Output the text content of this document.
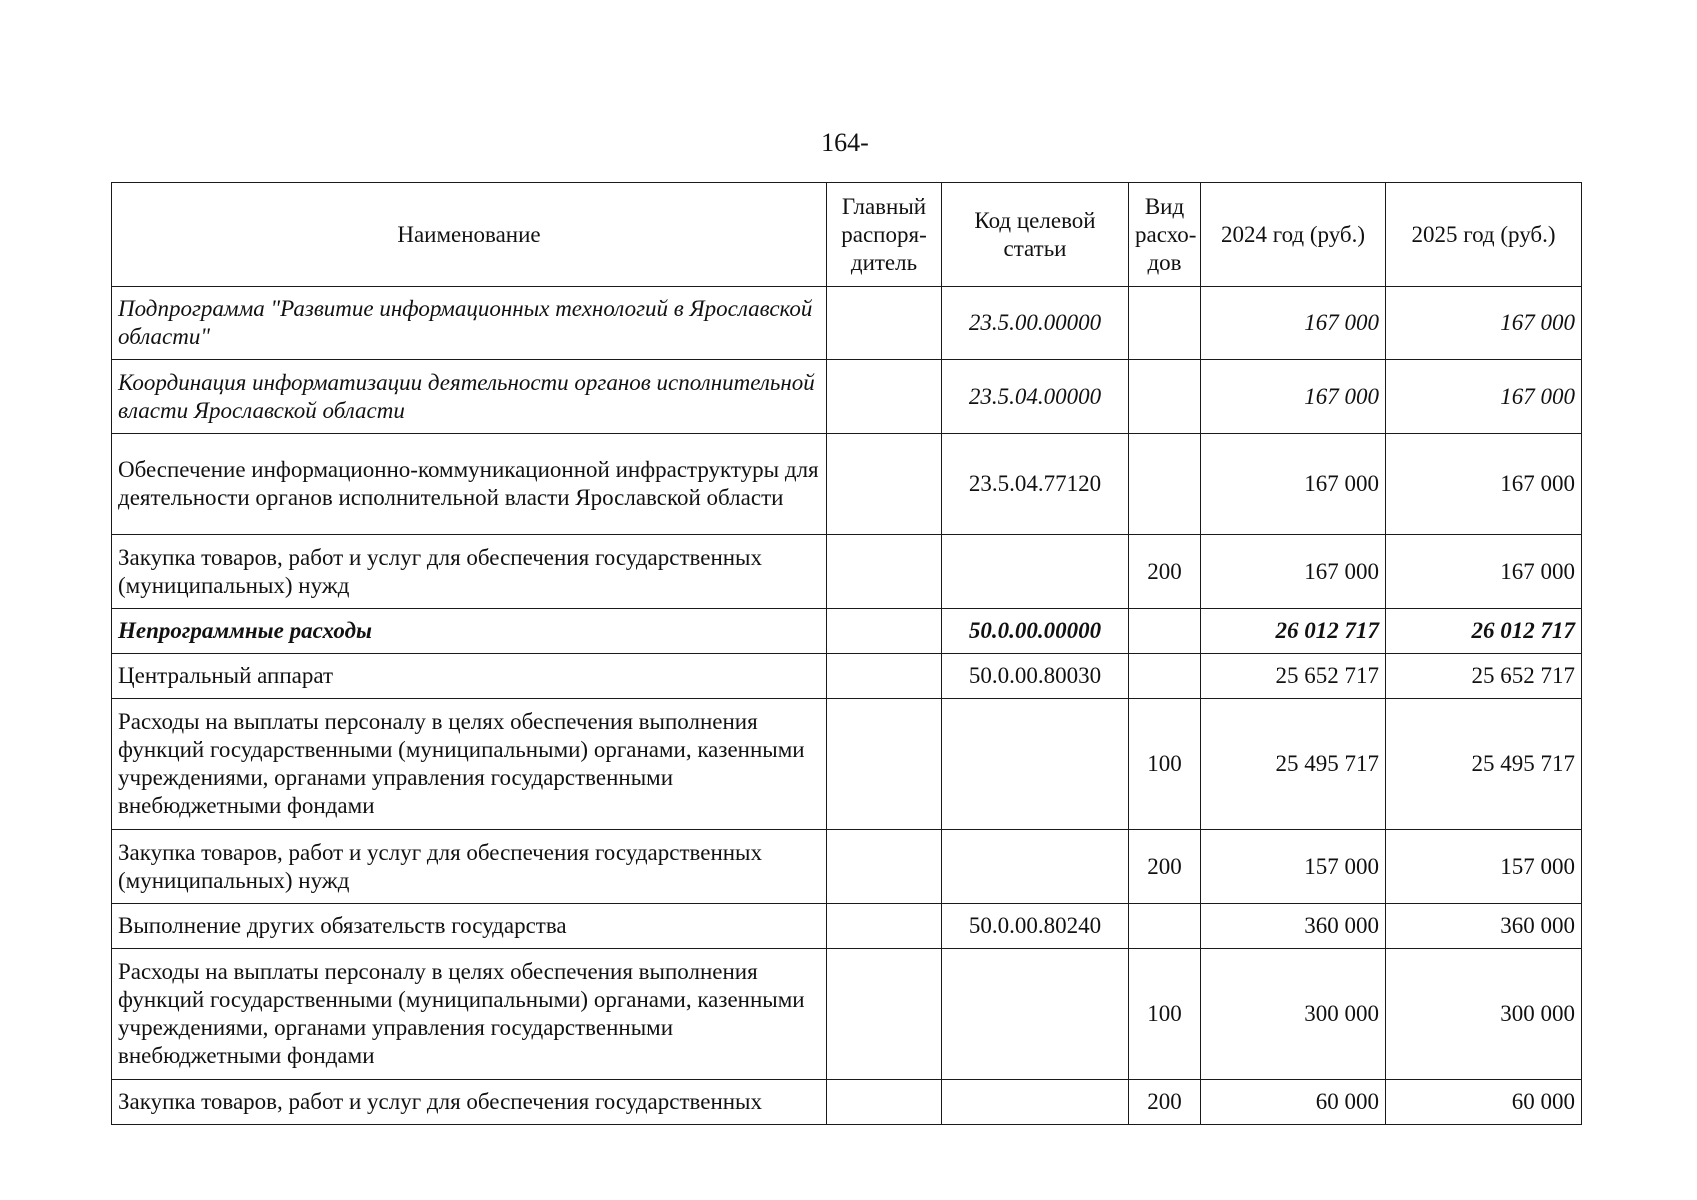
164-
Наименование	Главный распоря-дитель	Код целевой статьи	Вид расхо-дов	2024 год (руб.)	2025 год (руб.)
Подпрограмма "Развитие информационных технологий в Ярославской области"		23.5.00.00000		167 000	167 000
Координация информатизации деятельности органов исполнительной власти Ярославской области		23.5.04.00000		167 000	167 000
Обеспечение информационно-коммуникационной инфраструктуры для деятельности органов исполнительной власти Ярославской области		23.5.04.77120		167 000	167 000
Закупка товаров, работ и услуг для обеспечения государственных (муниципальных) нужд			200	167 000	167 000
Непрограммные расходы		50.0.00.00000		26 012 717	26 012 717
Центральный аппарат		50.0.00.80030		25 652 717	25 652 717
Расходы на выплаты персоналу в целях обеспечения выполнения функций государственными (муниципальными) органами, казенными учреждениями, органами управления государственными внебюджетными фондами			100	25 495 717	25 495 717
Закупка товаров, работ и услуг для обеспечения государственных (муниципальных) нужд			200	157 000	157 000
Выполнение других обязательств государства		50.0.00.80240		360 000	360 000
Расходы на выплаты персоналу в целях обеспечения выполнения функций государственными (муниципальными) органами, казенными учреждениями, органами управления государственными внебюджетными фондами			100	300 000	300 000
Закупка товаров, работ и услуг для обеспечения государственных			200	60 000	60 000
